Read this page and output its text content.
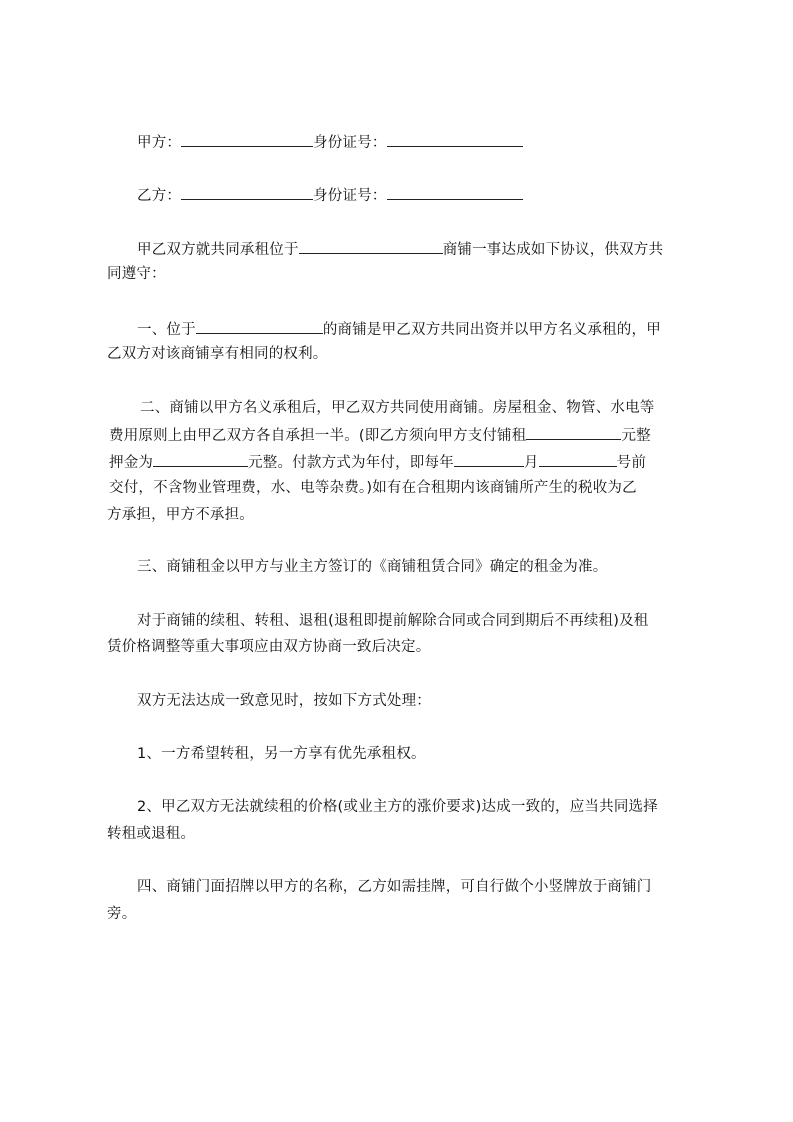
甲方：	身份证号：
乙方：	身份证号：
甲乙双方就共同承租位于	商铺一事达成如下协议，供双方共
同遵守：
一、位于	的商铺是甲乙双方共同出资并以甲方名义承租的，甲
乙双方对该商铺享有相同的权利。
二、商铺以甲方名义承租后，甲乙双方共同使用商铺。房屋租金、物管、水电等
费用原则上由甲乙双方各自承担一半。(即乙方须向甲方支付铺租	元整
押金为	元整。付款方式为年付，即每年	月	号前
交付，不含物业管理费，水、电等杂费。)如有在合租期内该商铺所产生的税收为乙
方承担，甲方不承担。
三、商铺租金以甲方与业主方签订的《商铺租赁合同》确定的租金为准。
对于商铺的续租、转租、退租(退租即提前解除合同或合同到期后不再续租)及租
赁价格调整等重大事项应由双方协商一致后决定。
双方无法达成一致意见时，按如下方式处理：
1、一方希望转租，另一方享有优先承租权。
2、甲乙双方无法就续租的价格(或业主方的涨价要求)达成一致的，应当共同选择
转租或退租。
四、商铺门面招牌以甲方的名称，乙方如需挂牌，可自行做个小竖牌放于商铺门
旁。
